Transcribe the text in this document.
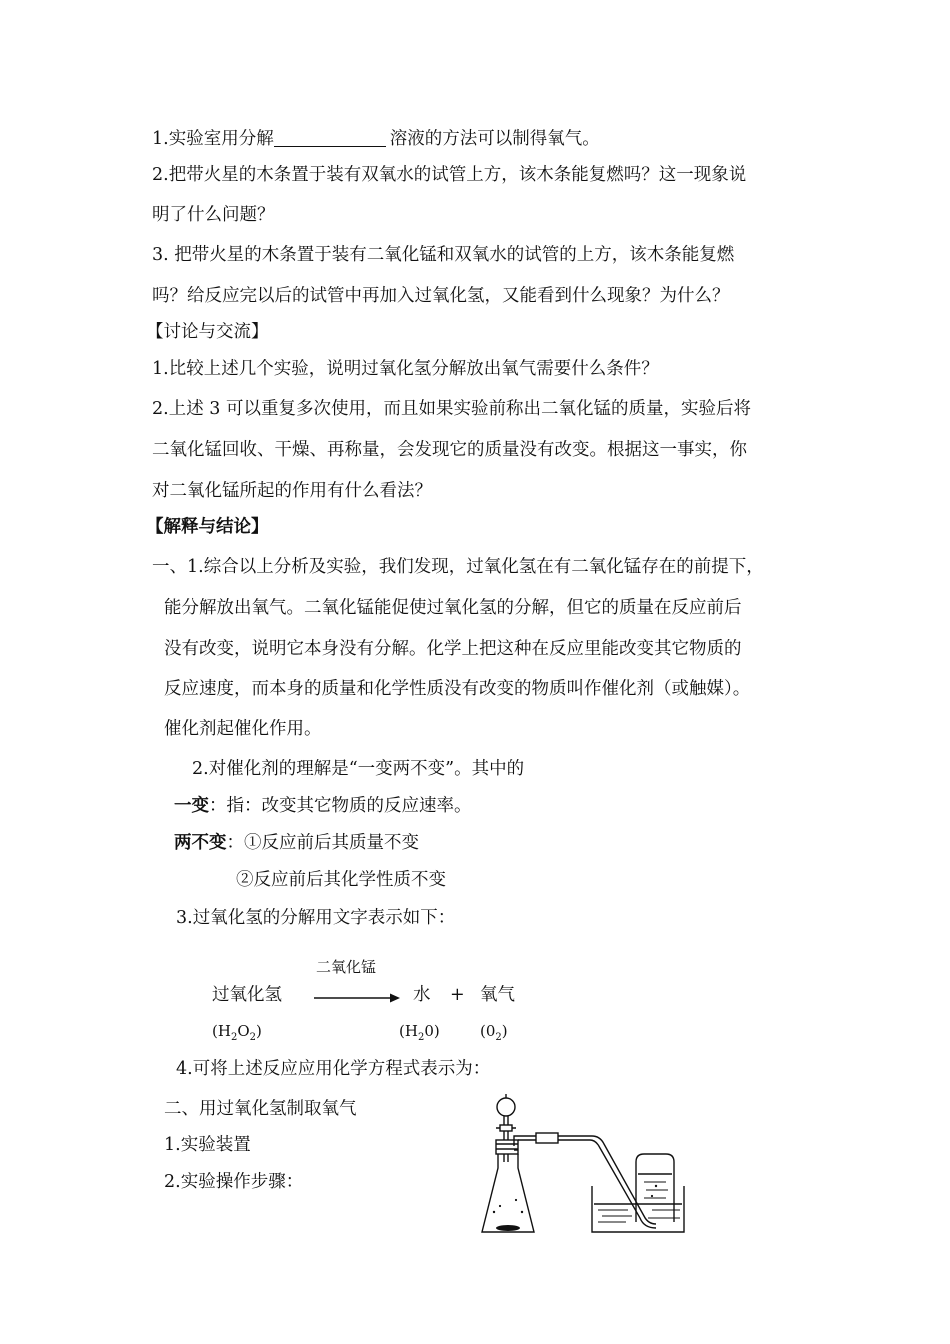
1.实验室用分解	溶液的方法可以制得氧气。
2.把带火星的木条置于装有双氧水的试管上方，该木条能复燃吗？这一现象说
明了什么问题？
3. 把带火星的木条置于装有二氧化锰和双氧水的试管的上方，该木条能复燃
吗？给反应完以后的试管中再加入过氧化氢，又能看到什么现象？为什么？
【讨论与交流】
1.比较上述几个实验，说明过氧化氢分解放出氧气需要什么条件？
2.上述 3 可以重复多次使用，而且如果实验前称出二氧化锰的质量，实验后将
二氧化锰回收、干燥、再称量，会发现它的质量没有改变。根据这一事实，你
对二氧化锰所起的作用有什么看法？
【解释与结论】
一、1.综合以上分析及实验，我们发现，过氧化氢在有二氧化锰存在的前提下，
能分解放出氧气。二氧化锰能促使过氧化氢的分解，但它的质量在反应前后
没有改变，说明它本身没有分解。化学上把这种在反应里能改变其它物质的
反应速度，而本身的质量和化学性质没有改变的物质叫作催化剂（或触媒）。
催化剂起催化作用。
2.对催化剂的理解是“一变两不变”。其中的
一变：指：改变其它物质的反应速率。
两不变：①反应前后其质量不变
②反应前后其化学性质不变
3.过氧化氢的分解用文字表示如下：
二氧化锰
过氧化氢	水 + 氧气
$(H_2O_2)$	$(H_20)$	$(0_2)$
4.可将上述反应应用化学方程式表示为：
二、用过氧化氢制取氧气
1.实验装置
2.实验操作步骤：
